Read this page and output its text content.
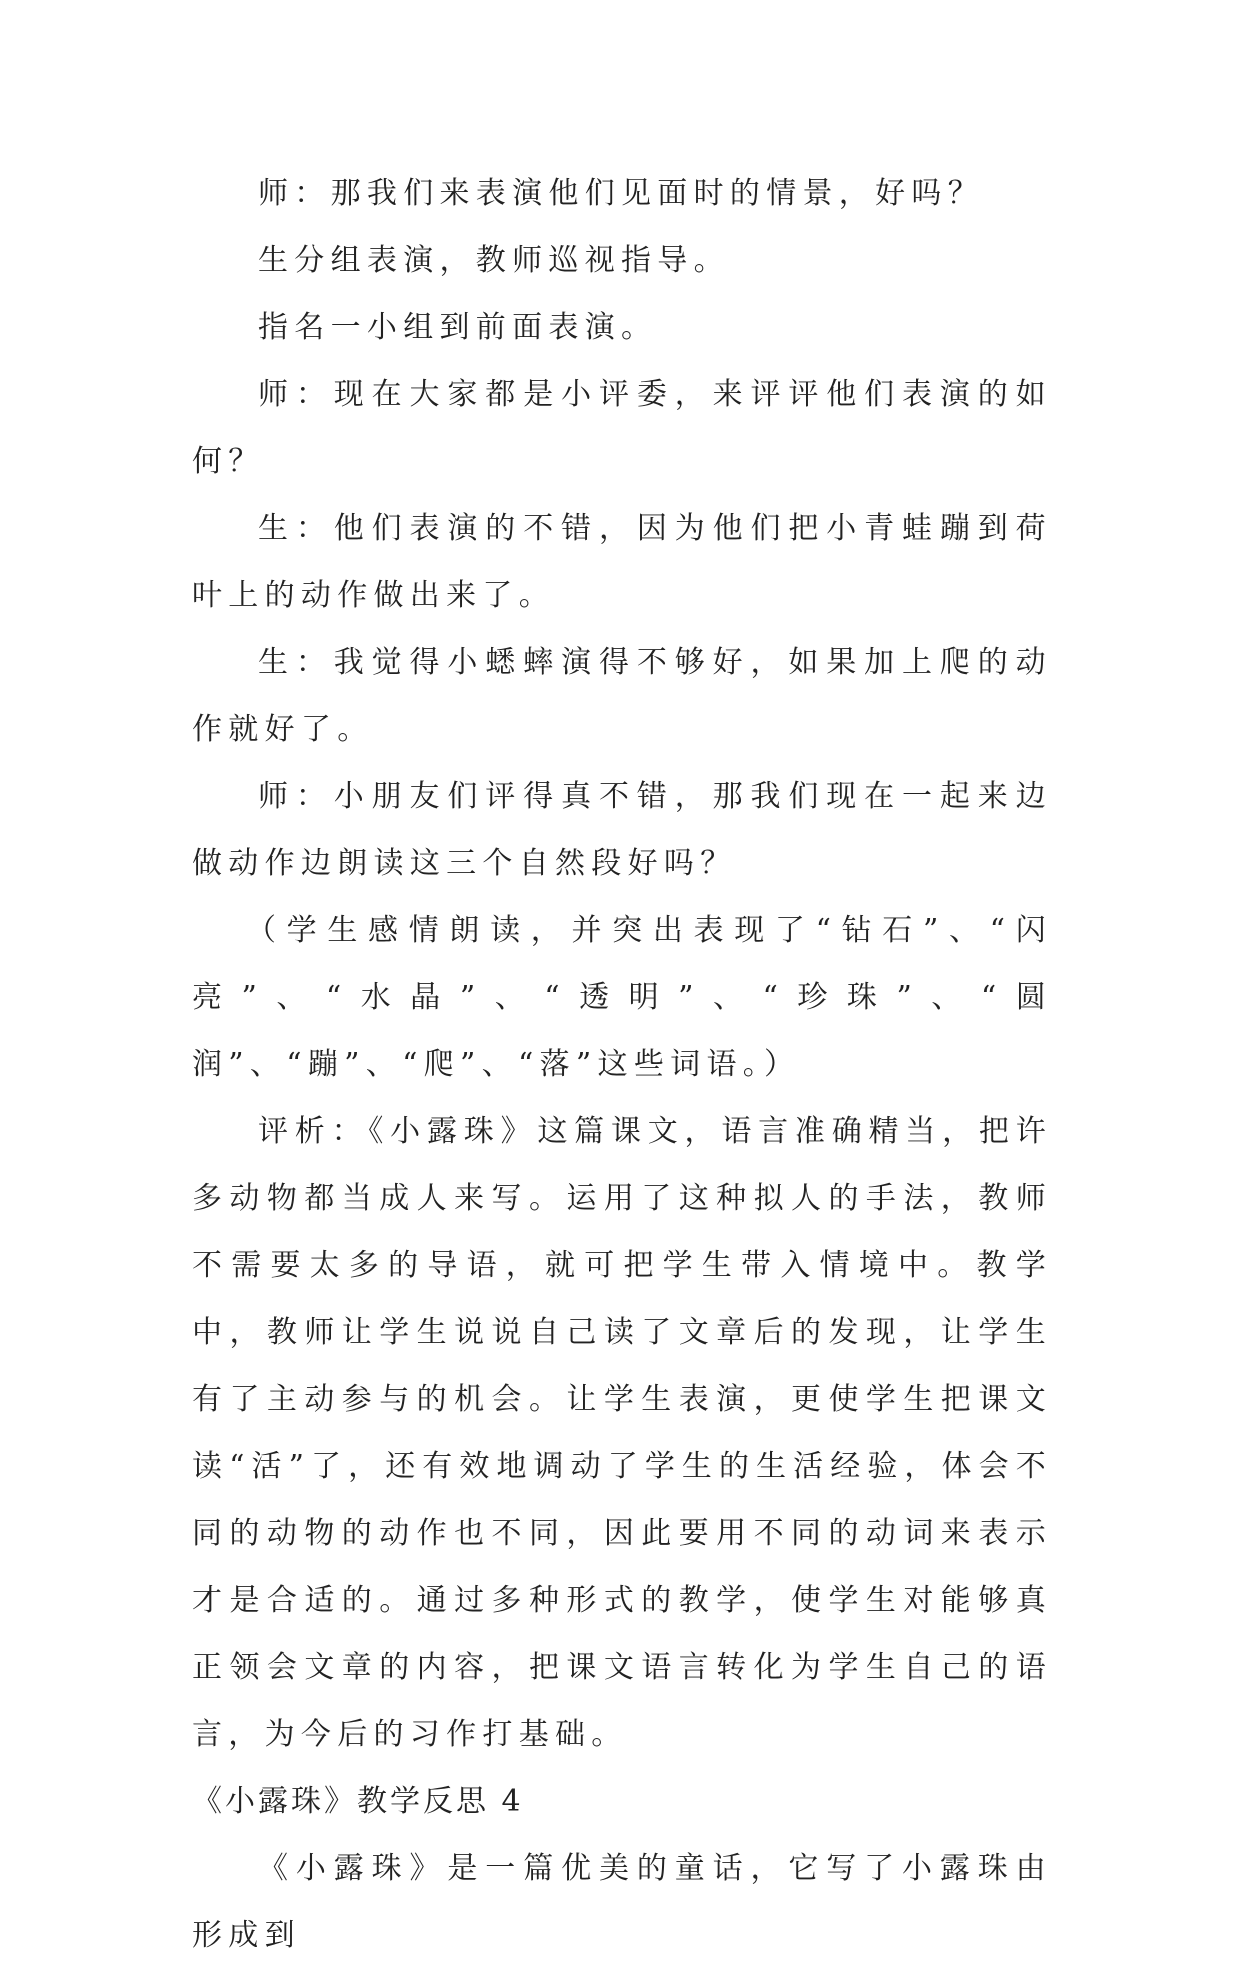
师：那我们来表演他们见面时的情景，好吗？

生分组表演，教师巡视指导。

指名一小组到前面表演。

师：现在大家都是小评委，来评评他们表演的如何？

生：他们表演的不错，因为他们把小青蛙蹦到荷叶上的动作做出来了。

生：我觉得小蟋蟀演得不够好，如果加上爬的动作就好了。

师：小朋友们评得真不错，那我们现在一起来边做动作边朗读这三个自然段好吗？

（学生感情朗读，并突出表现了“钻石”、“闪亮”、“水晶”、“透明”、“珍珠”、“圆润”、“蹦”、“爬”、“落”这些词语。）

评析：《小露珠》这篇课文，语言准确精当，把许多动物都当成人来写。运用了这种拟人的手法，教师不需要太多的导语，就可把学生带入情境中。教学中，教师让学生说说自己读了文章后的发现，让学生有了主动参与的机会。让学生表演，更使学生把课文读“活”了，还有效地调动了学生的生活经验，体会不同的动物的动作也不同，因此要用不同的动词来表示才是合适的。通过多种形式的教学，使学生对能够真正领会文章的内容，把课文语言转化为学生自己的语言，为今后的习作打基础。

《小露珠》教学反思 4

《小露珠》是一篇优美的童话，它写了小露珠由形成到
